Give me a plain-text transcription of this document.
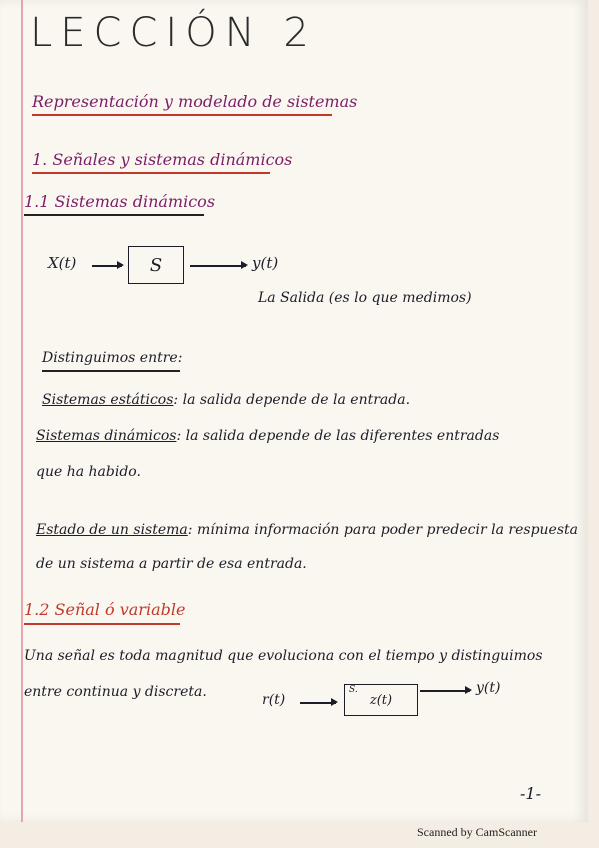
LECCIÓN 2
Representación y modelado de sistemas
1. Señales y sistemas dinámicos
1.1 Sistemas dinámicos
X(t)	S	y(t)
La Salida (es lo que medimos)
Distinguimos entre:
Sistemas estáticos: la salida depende de la entrada.
Sistemas dinámicos: la salida depende de las diferentes entradas
que ha habido.
Estado de un sistema: mínima información para poder predecir la respuesta
de un sistema a partir de esa entrada.
1.2 Señal ó variable
Una señal es toda magnitud que evoluciona con el tiempo y distinguimos
entre continua y discreta.	r(t)
S.
z(t)
y(t)
-1-
Scanned by CamScanner
